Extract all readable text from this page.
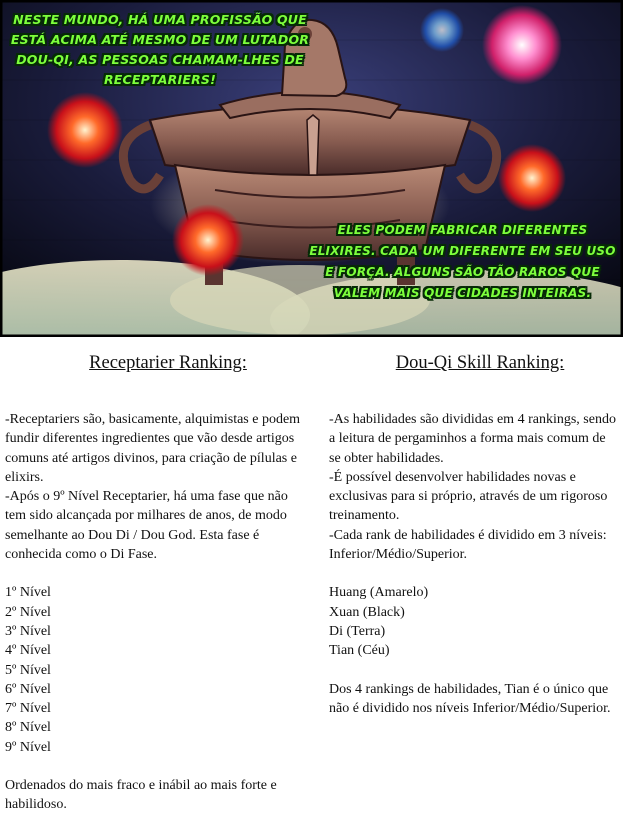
NESTE MUNDO, HÁ UMA PROFISSÃO QUE ESTÁ ACIMA ATÉ MESMO DE UM LUTADOR DOU-QI, AS PESSOAS CHAMAM-LHES DE RECEPTARIERS!
ELES PODEM FABRICAR DIFERENTES ELIXIRES. CADA UM DIFERENTE EM SEU USO E FORÇA. ALGUNS SÃO TÃO RAROS QUE VALEM MAIS QUE CIDADES INTEIRAS.
Receptarier Ranking:
-Receptariers são, basicamente, alquimistas e podem fundir diferentes ingredientes que vão desde artigos comuns até artigos divinos, para criação de pílulas e elixirs.
-Após o 9º Nível Receptarier, há uma fase que não tem sido alcançada por milhares de anos, de modo semelhante ao Dou Di / Dou God. Esta fase é conhecida como o Di Fase.
1º Nível
2º Nível
3º Nível
4º Nível
5º Nível
6º Nível
7º Nível
8º Nível
9º Nível
Ordenados do mais fraco e inábil ao mais forte e habilidoso.
Dou-Qi Skill Ranking:
-As habilidades são divididas em 4 rankings, sendo a leitura de pergaminhos a forma mais comum de se obter habilidades.
-É possível desenvolver habilidades novas e exclusivas para si próprio, através de um rigoroso treinamento.
-Cada rank de habilidades é dividido em 3 níveis: Inferior/Médio/Superior.
Huang (Amarelo)
Xuan (Black)
Di (Terra)
Tian (Céu)
Dos 4 rankings de habilidades, Tian é o único que não é dividido nos níveis Inferior/Médio/Superior.
